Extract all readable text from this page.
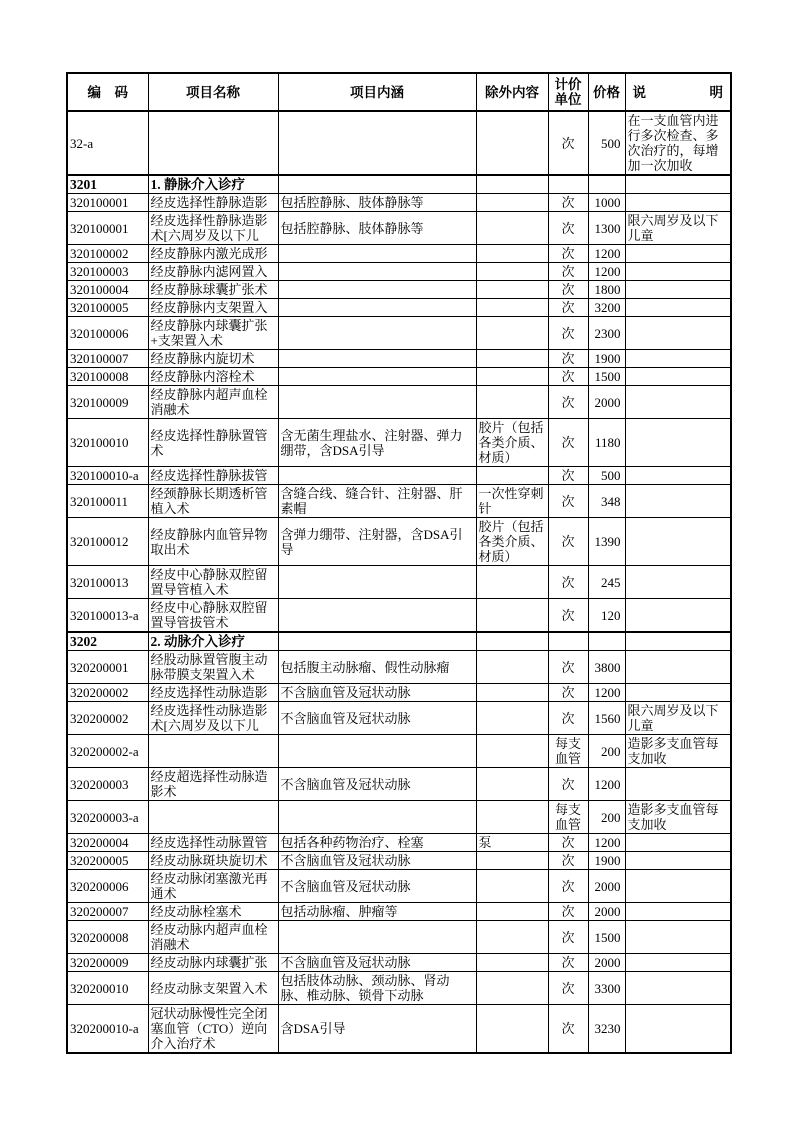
编　码	项目名称	项目内涵	除外内容	计价单位	价格	说 明
32-a				次	500	在一支血管内进行多次检查、多次治疗的，每增加一次加收
3201	1. 静脉介入诊疗					
320100001	经皮选择性静脉造影	包括腔静脉、肢体静脉等		次	1000	
320100001	经皮选择性静脉造影术[六周岁及以下儿	包括腔静脉、肢体静脉等		次	1300	限六周岁及以下儿童
320100002	经皮静脉内激光成形			次	1200	
320100003	经皮静脉内滤网置入			次	1200	
320100004	经皮静脉球囊扩张术			次	1800	
320100005	经皮静脉内支架置入			次	3200	
320100006	经皮静脉内球囊扩张+支架置入术			次	2300	
320100007	经皮静脉内旋切术			次	1900	
320100008	经皮静脉内溶栓术			次	1500	
320100009	经皮静脉内超声血栓消融术			次	2000	
320100010	经皮选择性静脉置管术	含无菌生理盐水、注射器、弹力绷带，含DSA引导	胶片（包括各类介质、材质）	次	1180	
320100010-a	经皮选择性静脉拔管			次	500	
320100011	经颈静脉长期透析管植入术	含缝合线、缝合针、注射器、肝素帽	一次性穿刺针	次	348	
320100012	经皮静脉内血管异物取出术	含弹力绷带、注射器，含DSA引导	胶片（包括各类介质、材质）	次	1390	
320100013	经皮中心静脉双腔留置导管植入术			次	245	
320100013-a	经皮中心静脉双腔留置导管拔管术			次	120	
3202	2. 动脉介入诊疗					
320200001	经股动脉置管腹主动脉带膜支架置入术	包括腹主动脉瘤、假性动脉瘤		次	3800	
320200002	经皮选择性动脉造影	不含脑血管及冠状动脉		次	1200	
320200002	经皮选择性动脉造影术[六周岁及以下儿	不含脑血管及冠状动脉		次	1560	限六周岁及以下儿童
320200002-a				每支血管	200	造影多支血管每支加收
320200003	经皮超选择性动脉造影术	不含脑血管及冠状动脉		次	1200	
320200003-a				每支血管	200	造影多支血管每支加收
320200004	经皮选择性动脉置管	包括各种药物治疗、栓塞	泵	次	1200	
320200005	经皮动脉斑块旋切术	不含脑血管及冠状动脉		次	1900	
320200006	经皮动脉闭塞激光再通术	不含脑血管及冠状动脉		次	2000	
320200007	经皮动脉栓塞术	包括动脉瘤、肿瘤等		次	2000	
320200008	经皮动脉内超声血栓消融术			次	1500	
320200009	经皮动脉内球囊扩张	不含脑血管及冠状动脉		次	2000	
320200010	经皮动脉支架置入术	包括肢体动脉、颈动脉、肾动脉、椎动脉、锁骨下动脉		次	3300	
320200010-a	冠状动脉慢性完全闭塞血管（CTO）逆向介入治疗术	含DSA引导		次	3230	
